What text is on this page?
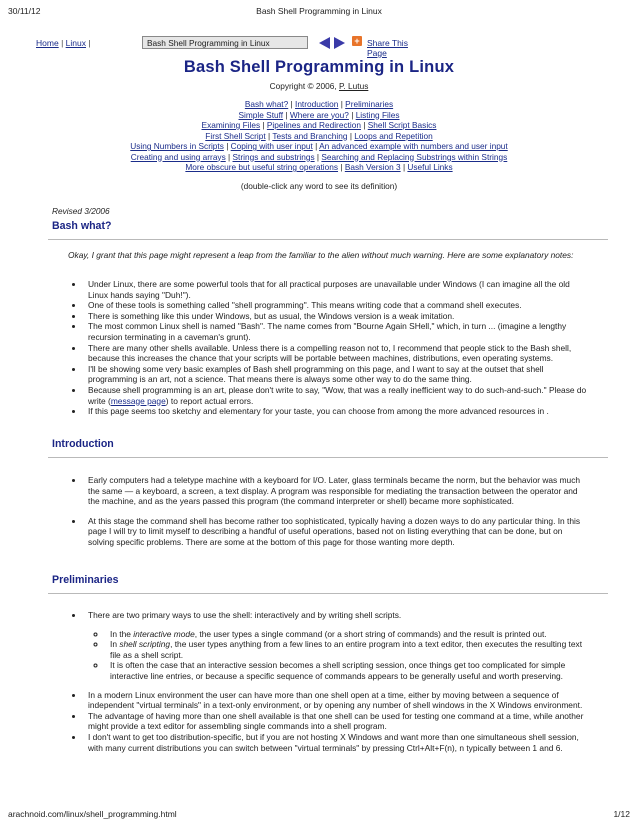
30/11/12	Bash Shell Programming in Linux
Home | Linux |	Bash Shell Programming in Linux	+ Share This Page
Bash Shell Programming in Linux
Copyright © 2006, P. Lutus
Bash what? | Introduction | Preliminaries
Simple Stuff | Where are you? | Listing Files
Examining Files | Pipelines and Redirection | Shell Script Basics
First Shell Script | Tests and Branching | Loops and Repetition
Using Numbers in Scripts | Coping with user input | An advanced example with numbers and user input
Creating and using arrays | Strings and substrings | Searching and Replacing Substrings within Strings
More obscure but useful string operations | Bash Version 3 | Useful Links
(double-click any word to see its definition)
Revised 3/2006
Bash what?
Okay, I grant that this page might represent a leap from the familiar to the alien without much warning. Here are some explanatory notes:
• Under Linux, there are some powerful tools that for all practical purposes are unavailable under Windows (I can imagine all the old Linux hands saying "Duh!").
• One of these tools is something called "shell programming". This means writing code that a command shell executes.
• There is something like this under Windows, but as usual, the Windows version is a weak imitation.
• The most common Linux shell is named "Bash". The name comes from "Bourne Again SHell," which, in turn ... (imagine a lengthy recursion terminating in a caveman's grunt).
• There are many other shells available. Unless there is a compelling reason not to, I recommend that people stick to the Bash shell, because this increases the chance that your scripts will be portable between machines, distributions, even operating systems.
• I'll be showing some very basic examples of Bash shell programming on this page, and I want to say at the outset that shell programming is an art, not a science. That means there is always some other way to do the same thing.
• Because shell programming is an art, please don't write to say, "Wow, that was a really inefficient way to do such-and-such." Please do write (message page) to report actual errors.
• If this page seems too sketchy and elementary for your taste, you can choose from among the more advanced resources in .
Introduction
• Early computers had a teletype machine with a keyboard for I/O. Later, glass terminals became the norm, but the behavior was much the same — a keyboard, a screen, a text display. A program was responsible for mediating the transaction between the operator and the machine, and as the years passed this program (the command interpreter or shell) became more sophisticated.
• At this stage the command shell has become rather too sophisticated, typically having a dozen ways to do any particular thing. In this page I will try to limit myself to describing a handful of useful operations, based not on listing everything that can be done, but on solving specific problems. There are some at the bottom of this page for those wanting more depth.
Preliminaries
• There are two primary ways to use the shell: interactively and by writing shell scripts.
◦ In the interactive mode, the user types a single command (or a short string of commands) and the result is printed out.
◦ In shell scripting, the user types anything from a few lines to an entire program into a text editor, then executes the resulting text file as a shell script.
◦ It is often the case that an interactive session becomes a shell scripting session, once things get too complicated for simple interactive line entries, or because a specific sequence of commands appears to be generally useful and worth preserving.
• In a modern Linux environment the user can have more than one shell open at a time, either by moving between a sequence of independent "virtual terminals" in a text-only environment, or by opening any number of shell windows in the X Windows environment.
• The advantage of having more than one shell available is that one shell can be used for testing one command at a time, while another might provide a text editor for assembling single commands into a shell program.
• I don't want to get too distribution-specific, but if you are not hosting X Windows and want more than one simultaneous shell session, with many current distributions you can switch between "virtual terminals" by pressing Ctrl+Alt+F(n), n typically between 1 and 6.
arachnoid.com/linux/shell_programming.html	1/12
